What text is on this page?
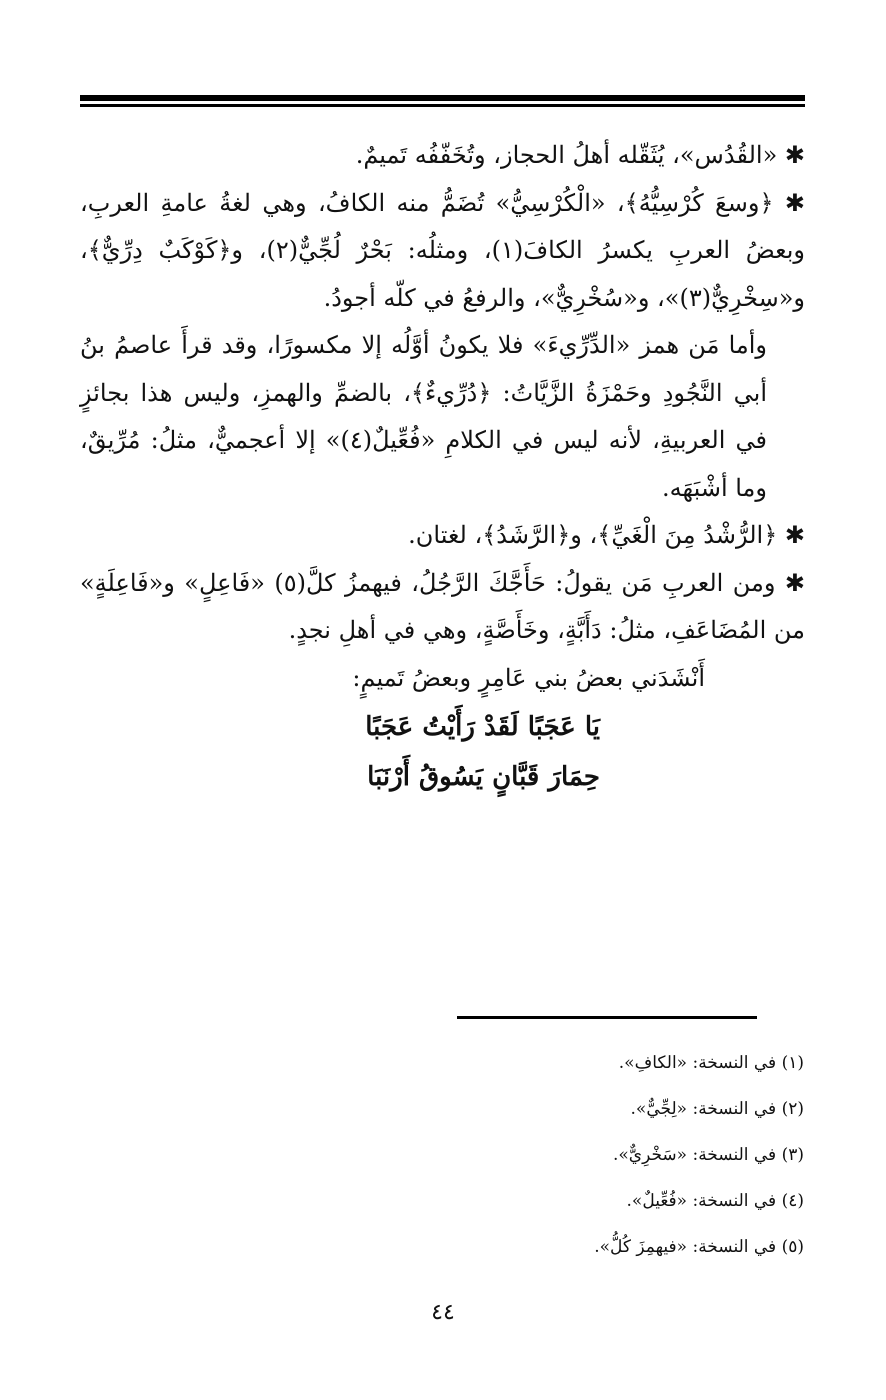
✱ «القُدُس»، يُثَقّله أهلُ الحجاز، وتُخَفّفُه تَميمٌ.

✱ ﴿وسعَ كُرْسِيُّهُ﴾، «الْكُرْسِيُّ» تُضَمُّ منه الكافُ، وهي لغةُ عامةِ العربِ، وبعضُ العربِ يكسرُ الكافَ(١)، ومثلُه: بَحْرٌ لُجِّيٌّ(٢)، و﴿كَوْكَبٌ دِرِّيٌّ﴾، و«سِخْرِيٌّ(٣)»، و«سُخْرِيٌّ»، والرفعُ في كلّه أجودُ.

وأما مَن همز «الدِّرِّيءَ» فلا يكونُ أوَّلُه إلا مكسورًا، وقد قرأَ عاصمُ بنُ أبي النَّجُودِ وحَمْزَةُ الزَّيَّاتُ: ﴿دُرِّيءٌ﴾، بالضمِّ والهمزِ، وليس هذا بجائزٍ في العربيةِ، لأنه ليس في الكلامِ «فُعِّيلٌ(٤)» إلا أعجميٌّ، مثلُ: مُرِّيقٌ، وما أشْبَهَه.

✱ ﴿الرُّشْدُ مِنَ الْغَيِّ﴾، و﴿الرَّشَدُ﴾، لغتان.

✱ ومن العربِ مَن يقولُ: حَأَجَّكَ الرَّجُلُ، فيهمزُ كلَّ(٥) «فَاعِلٍ» و«فَاعِلَةٍ» من المُضَاعَفِ، مثلُ: دَأَبَّةٍ، وخَأَصَّةٍ، وهي في أهلِ نجدٍ.

أَنْشَدَني بعضُ بني عَامِرٍ وبعضُ تَميمٍ:

يَا عَجَبًا لَقَدْ رَأَيْتُ عَجَبًا

حِمَارَ قَبَّانٍ يَسُوقُ أَرْنَبَا

(١) في النسخة: «الكافِ».

(٢) في النسخة: «لِجِّيٌّ».

(٣) في النسخة: «سَخْرِيٌّ».

(٤) في النسخة: «فُعِّيلٌ».

(٥) في النسخة: «فيهمِزَ كُلُّ».

٤٤
